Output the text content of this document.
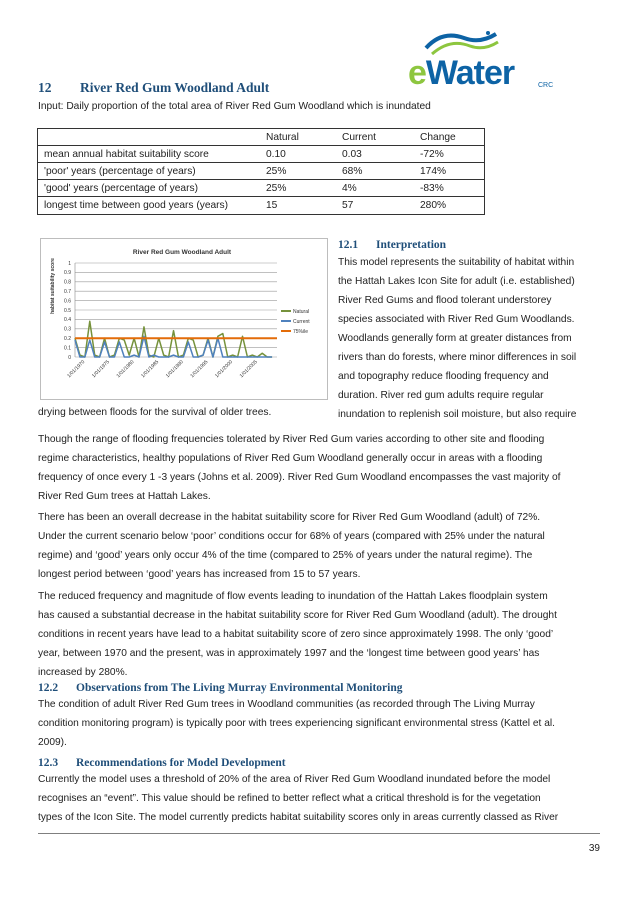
eWater	CRC
12 River Red Gum Woodland Adult
Input: Daily proportion of the total area of River Red Gum Woodland which is inundated
	Natural	Current	Change
mean annual habitat suitability score	0.10	0.03	-72%
'poor' years (percentage of years)	25%	68%	174%
'good' years (percentage of years)	25%	4%	-83%
longest time between good years (years)	15	57	280%
River Red Gum Woodland Adult
habitat suitability score
0
0.1
0.2
0.3
0.4
0.5
0.6
0.7
0.8
0.9
1
1/01/1970 1/01/1975 1/01/1980 1/01/1985 1/01/1990 1/01/1995 1/01/2000 1/01/2005
Natural
Current
75%ile
12.1 Interpretation

This model represents the suitability of habitat within

the Hattah Lakes Icon Site for adult (i.e. established)

River Red Gums and flood tolerant understorey

species associated with River Red Gum Woodlands.

Woodlands generally form at greater distances from

rivers than do forests, where minor differences in soil

and topography reduce flooding frequency and

duration. River red gum adults require regular

inundation to replenish soil moisture, but also require

drying between floods for the survival of older trees.

Though the range of flooding frequencies tolerated by River Red Gum varies according to other site and flooding

regime characteristics, healthy populations of River Red Gum Woodland generally occur in areas with a flooding

frequency of once every 1 -3 years (Johns et al. 2009). River Red Gum Woodland encompasses the vast majority of

River Red Gum trees at Hattah Lakes.

There has been an overall decrease in the habitat suitability score for River Red Gum Woodland (adult) of 72%.

Under the current scenario below ‘poor’ conditions occur for 68% of years (compared with 25% under the natural

regime) and ‘good’ years only occur 4% of the time (compared to 25% of years under the natural regime). The

longest period between ‘good’ years has increased from 15 to 57 years.

The reduced frequency and magnitude of flow events leading to inundation of the Hattah Lakes floodplain system

has caused a substantial decrease in the habitat suitability score for River Red Gum Woodland (adult). The drought

conditions in recent years have lead to a habitat suitability score of zero since approximately 1998. The only ‘good’

year, between 1970 and the present, was in approximately 1997 and the ‘longest time between good years’ has

increased by 280%.

12.2 Observations from The Living Murray Environmental Monitoring

The condition of adult River Red Gum trees in Woodland communities (as recorded through The Living Murray

condition monitoring program) is typically poor with trees experiencing significant environmental stress (Kattel et al.

2009).

12.3 Recommendations for Model Development

Currently the model uses a threshold of 20% of the area of River Red Gum Woodland inundated before the model

recognises an “event”. This value should be refined to better reflect what a critical threshold is for the vegetation

types of the Icon Site. The model currently predicts habitat suitability scores only in areas currently classed as River

39
